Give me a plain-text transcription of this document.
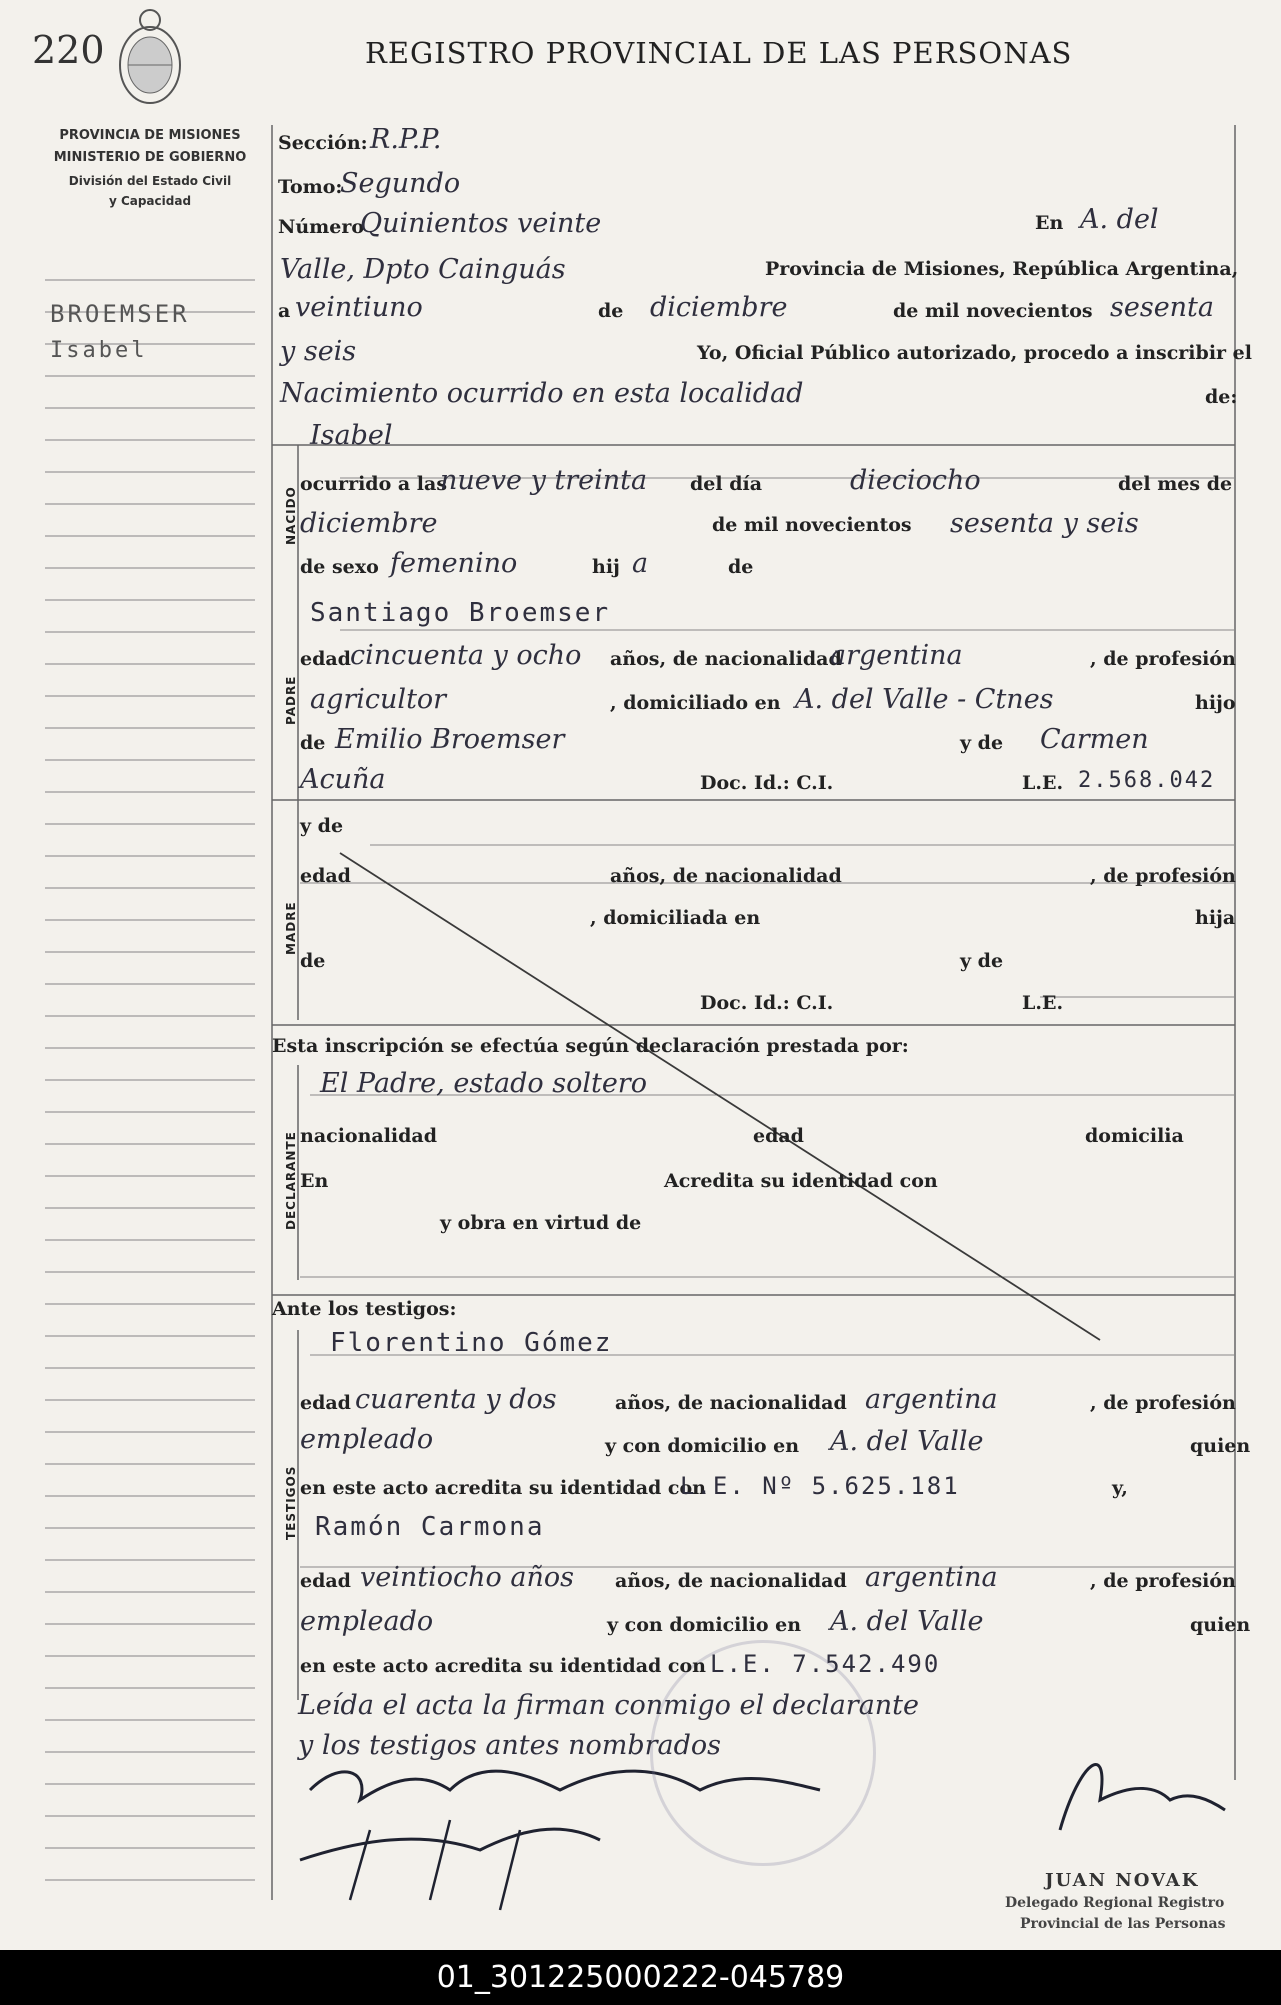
220	REGISTRO PROVINCIAL DE LAS PERSONAS
PROVINCIA DE MISIONES
MINISTERIO DE GOBIERNO
División del Estado Civil
y Capacidad
BROEMSER
Isabel
Sección: R.P.P.
Tomo:
Segundo
Número
Quinientos veinte	En A. del
Valle, Dpto Cainguás	Provincia de Misiones, República Argentina,
a veintiuno	de diciembre	de mil novecientos sesenta
y seis	Yo, Oficial Público autorizado, procedo a inscribir el
Nacimiento ocurrido en esta localidad	de:
NACIDO
Isabel
ocurrido a las
nueve y treinta del día	dieciocho	del mes de
diciembre	de mil novecientos sesenta y seis
de sexo femenino	hij a	de
PADRE
Santiago Broemser
edad cincuenta y ocho años, de nacionalidad
argentina	, de profesión
agricultor	, domiciliado en A. del Valle - Ctnes	hijo
de Emilio Broemser	y de Carmen
Acuña	Doc. Id.: C.I.	L.E. 2.568.042
MADRE
y de
edad	años, de nacionalidad	, de profesión
, domiciliada en	hija
de	y de
Doc. Id.: C.I.	L.E.
Esta inscripción se efectúa según declaración prestada por:
DECLARANTE
El Padre, estado soltero
nacionalidad	edad	domicilia
En	Acredita su identidad con
y obra en virtud de
Ante los testigos:
TESTIGOS
Florentino Gómez
edad cuarenta y dos	años, de nacionalidad argentina	, de profesión
empleado	y con domicilio en A. del Valle	quien
en este acto acredita su identidad con
L.E. Nº 5.625.181	y,
Ramón Carmona
edad veintiocho años años, de nacionalidad argentina	, de profesión
empleado	y con domicilio en A. del Valle	quien
en este acto acredita su identidad con L.E. 7.542.490
Leída el acta la firman conmigo el declarante
y los testigos antes nombrados
JUAN NOVAK
Delegado Regional Registro
Provincial de las Personas
01_301225000222-045789
